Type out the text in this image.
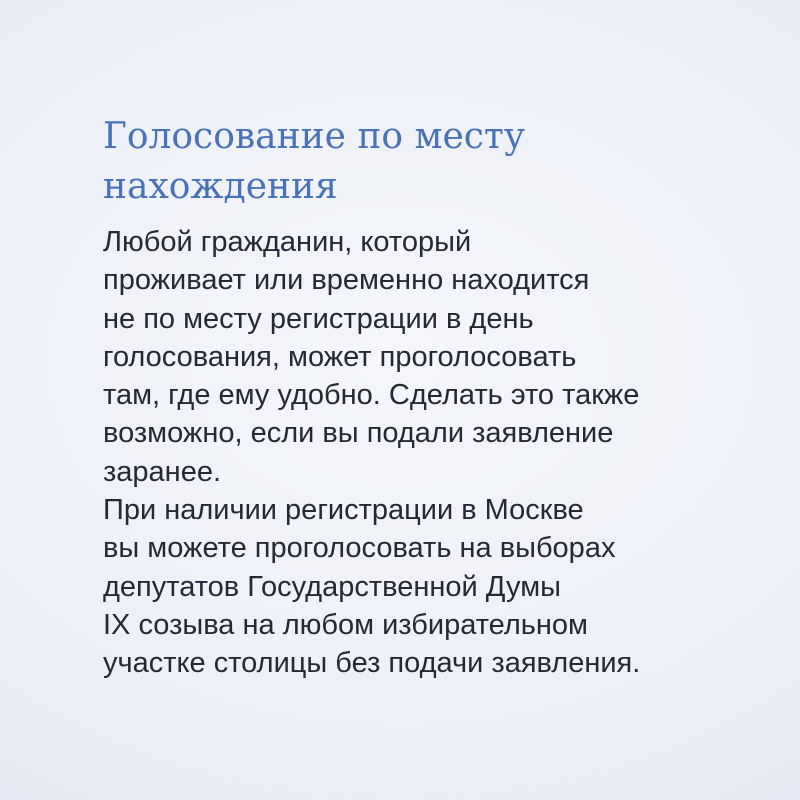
Голосование по месту
нахождения
Любой гражданин, который
проживает или временно находится
не по месту регистрации в день
голосования, может проголосовать
там, где ему удобно. Сделать это также
возможно, если вы подали заявление
заранее.
При наличии регистрации в Москве
вы можете проголосовать на выборах
депутатов Государственной Думы
IX созыва на любом избирательном
участке столицы без подачи заявления.
